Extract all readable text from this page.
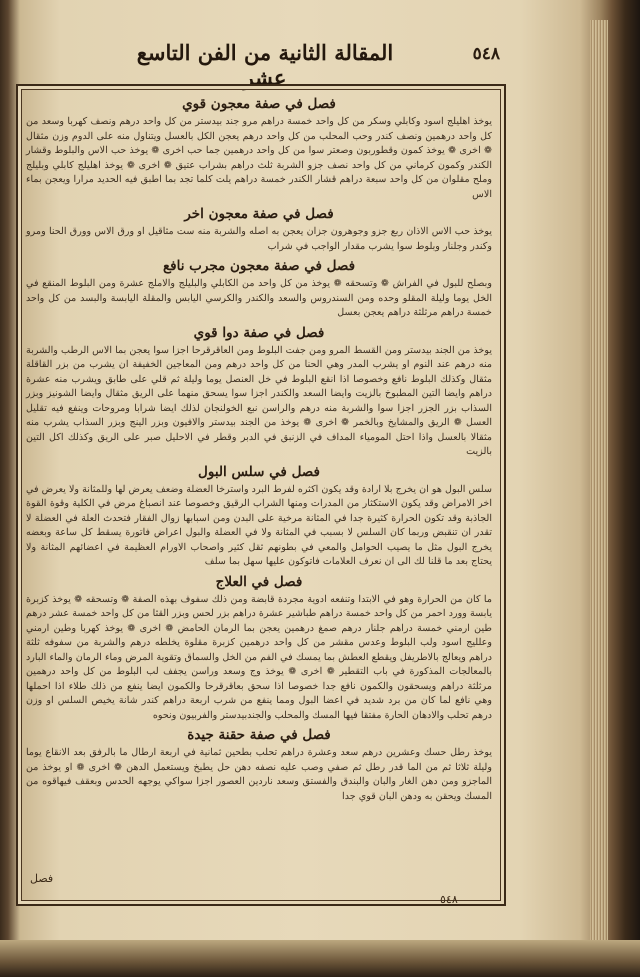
المقالة الثانية من الفن التاسع عشر
٥٤٨
فصل في صفة معجون قوي

يوخذ اهليلج اسود وكابلي وسكر من كل واحد خمسة دراهم مرو جند بيدستر من كل واحد درهم ونصف كهربا وسعد من كل واحد درهمين ونصف كندر وحب المحلب من كل واحد درهم يعجن الكل بالعسل ويتناول منه على الدوم وزن مثقال ❁ اخرى ❁ يوخذ كمون وقطوربون وصعتر سوا من كل واحد درهمين جما حب اخرى ❁ يوخذ حب الاس والبلوط وقشار الكندر وكمون كرماني من كل واحد نصف جزو الشربة ثلث دراهم بشراب عتيق ❁ اخرى ❁ يوخذ اهليلج كابلي وبليلج وملح مقلوان من كل واحد سبعة دراهم قشار الكندر خمسة دراهم يلت كلما تجد بما اطبق فيه الحديد مرارا ويعجن بماء الاس

فصل في صفة معجون اخر

يوخذ حب الاس الاذان ربع جزو وجوهرون جزان يعجن به اصله والشربة منه ست مثاقيل او ورق الاس وورق الحنا ومرو وكندر وجلنار وبلوط سوا يشرب مقدار الواجب في شراب

فصل في صفة معجون مجرب نافع

وبصلح للبول في الفراش ❁ وتسحقه ❁ يوخذ من كل واحد من الكابلي والبليلج والاملج عشرة ومن البلوط المنقع في الخل يوما وليلة المقلو وحده ومن السندروس والسعد والكندر والكرسي اليابس والمقلة اليابسة والبسد من كل واحد خمسة دراهم مرثلثة دراهم يعجن بعسل

فصل في صفة دوا قوي

يوخذ من الجند بيدستر ومن القسط المرو ومن جفت البلوط ومن العاقرقرحا اجزا سوا يعجن بما الاس الرطب والشربة منه درهم عند النوم او يشرب المدر وهي الحنا من كل واحد درهم ومن المعاجين الخفيفة ان يشرب من بزر القاقلة مثقال وكذلك البلوط نافع وخصوصا اذا انقع البلوط في خل العنصل يوما وليلة ثم قلي على طابق ويشرب منه عشرة دراهم وايضا التين المطبوخ بالزيت وايضا السعد والكندر اجزا سوا يسحق منهما على الريق مثقال وايضا الشونيز وبزر السذاب بزر الجزر اجزا سوا والشربة منه درهم والراسن نبع الخولنجان لذلك ايضا شرابا ومروحات وينفع فيه تقليل العسل ❁ الريق والمشايخ وبالخمر ❁ اخرى ❁ يوخذ من الجند بيدستر والافيون وبزر الينج وبزر السذاب يشرب منه مثقالا بالعسل واذا احتل المومياء المداف في الزنبق في الدبر وقطر في الاحليل صبر على الريق وكذلك اكل التين بالزيت

فصل في سلس البول

سلس البول هو ان يخرج بلا ارادة وقد يكون اكثره لفرط البرد واسترخا العضلة وضعف يعرض لها وللمثانة ولا يعرض في اخر الامراض وقد يكون الاستكثار من المدرات ومنها الشراب الرقيق وخصوصا عند انصباغ مرض في الكلية وقوة القوة الجاذبة وقد تكون الحرارة كثيرة جدا في المثانة مرخية على البدن ومن اسبابها زوال الفقار فتحدث العلة في العضلة لا تقدر ان تنقبض وربما كان السلس لا بسبب في المثانة ولا في العضلة والبول اعراض فاتورة يسقط كل ساعة وبعضه يخرج البول مثل ما يصيب الحوامل والمعي في بطونهم ثقل كثير واصحاب الاورام العظيمة في اعضائهم المثانة ولا يحتاج بعد ما قلنا لك الى ان نعرف العلامات فاتوكون عليها سهل بما سلف

فصل في العلاج

ما كان من الحرارة وهو في الابتدا وتنفعه ادوية مجردة قابضة ومن ذلك سفوف بهذه الصفة ❁ وتسحقه ❁ يوخذ كزبرة يابسة وورد احمر من كل واحد خمسة دراهم طباشير عشرة دراهم بزر لحس وبزر القثا من كل واحد خمسة عشر درهم طين ارمني خمسة دراهم جلنار درهم صمغ درهمين يعجن بما الرمان الحامض ❁ اخرى ❁ يوخذ كهربا وطين ارمني وعلليج اسود ولب البلوط وعدس مقشر من كل واحد درهمين كزبرة مقلوة يخلطه درهم والشربة من سفوفه ثلثة دراهم ويعالج بالاطريفل ويقطع العطش بما يمسك في الفم من الخل والسماق وتقوية المرض وماء الرمان والماء البارد بالمعالجات المذكورة في باب التقطير ❁ اخرى ❁ يوخذ وج وسعد وراسن يجفف لب البلوط من كل واحد درهمين مرثلثة دراهم ويسحقون والكمون نافع جدا خصوصا اذا سحق بعاقرقرحا والكمون ايضا ينفع من ذلك طلاء اذا احملها وهي نافع لما كان من برد شديد في اعضا البول ومما ينفع من شرب اربعة دراهم كندر شانة يخيص السلس او وزن درهم تحلب والادهان الحارة مفتقا فيها المسك والمحلب والجندبيدستر والفربيون ونحوه

فصل في صفة حقنة جيدة

يوخذ رطل حسك وعشرين درهم سعد وعشرة دراهم تحلب بطحين ثمانية في اربعة ارطال ما بالرفق بعد الانقاع يوما وليلة ثلاثا ثم من الما قدر رطل ثم صفي وصب عليه نصفه دهن حل يطبخ ويستعمل الدهن ❁ اخرى ❁ او يوخذ من الماجزو ومن دهن الغار والبان والبندق والفستق وسعد ناردين العصور اجزا سواكي يوجهه الحدس وبعقف فيهاقوه من المسك ويحقن به ودهن البان قوي جدا

فصل
٥٤٨
